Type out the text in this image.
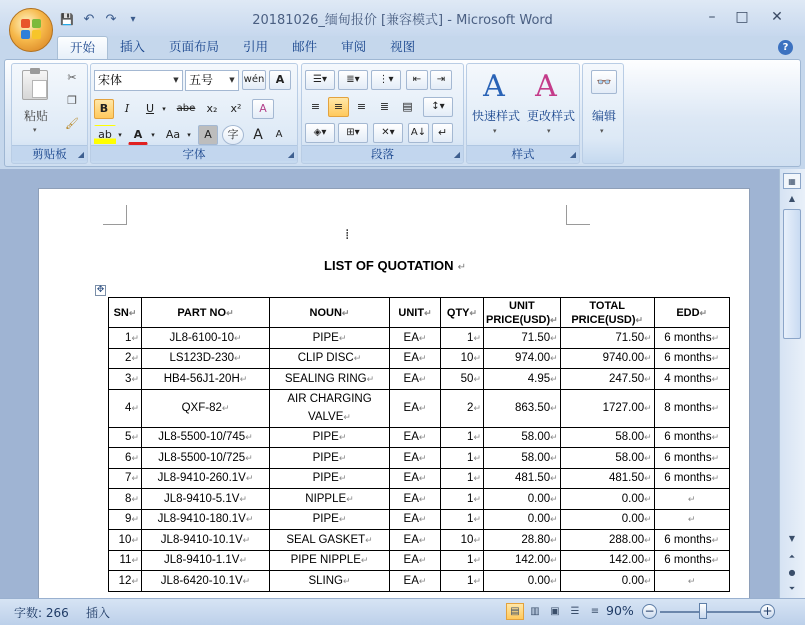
💾 ↶ ↷	▾	20181026_缅甸报价 [兼容模式] - Microsoft Word	–	□	✕
开始	插入	页面布局	引用	邮件	审阅	视图	?
粘贴
▾
✂
❐
🖌
剪贴板	◢
宋体	▼ 五号	▼ wén	A
B	I	U	▾	abe	x₂	x²	A
ab ▾	A	▾	Aa	▾	A	字	A	A
字体	◢
☰▾	≣▾	⋮▾	⇤	⇥
≡	≡	≡	≣	▤	↕▾
◈▾	⊞▾	✕▾	A↓	↵
段落	◢
A A
快速样式 更改样式
▾	▾
样式	◢
👓
编辑
▾
⁞
LIST OF QUOTATION ↵
✥
SN↵	PART NO↵	NOUN↵	UNIT↵	QTY↵	UNIT PRICE(USD)↵	TOTAL PRICE(USD)↵	EDD↵
1↵	JL8-6100-10↵	PIPE↵	EA↵	1↵	71.50↵	71.50↵	6 months↵
2↵	LS123D-230↵	CLIP DISC↵	EA↵	10↵	974.00↵	9740.00↵	6 months↵
3↵	HB4-56J1-20H↵	SEALING RING↵	EA↵	50↵	4.95↵	247.50↵	4 months↵
4↵	QXF-82↵	AIR CHARGING VALVE↵	EA↵	2↵	863.50↵	1727.00↵	8 months↵
5↵	JL8-5500-10/745↵	PIPE↵	EA↵	1↵	58.00↵	58.00↵	6 months↵
6↵	JL8-5500-10/725↵	PIPE↵	EA↵	1↵	58.00↵	58.00↵	6 months↵
7↵	JL8-9410-260.1V↵	PIPE↵	EA↵	1↵	481.50↵	481.50↵	6 months↵
8↵	JL8-9410-5.1V↵	NIPPLE↵	EA↵	1↵	0.00↵	0.00↵	↵
9↵	JL8-9410-180.1V↵	PIPE↵	EA↵	1↵	0.00↵	0.00↵	↵
10↵	JL8-9410-10.1V↵	SEAL GASKET↵	EA↵	10↵	28.80↵	288.00↵	6 months↵
11↵	JL8-9410-1.1V↵	PIPE NIPPLE↵	EA↵	1↵	142.00↵	142.00↵	6 months↵
12↵	JL8-6420-10.1V↵	SLING↵	EA↵	1↵	0.00↵	0.00↵	↵
▦
▲
▼
⏶
●
⏷
字数: 266 插入	▤	▥	▣	☰	≡ 90% −	+
